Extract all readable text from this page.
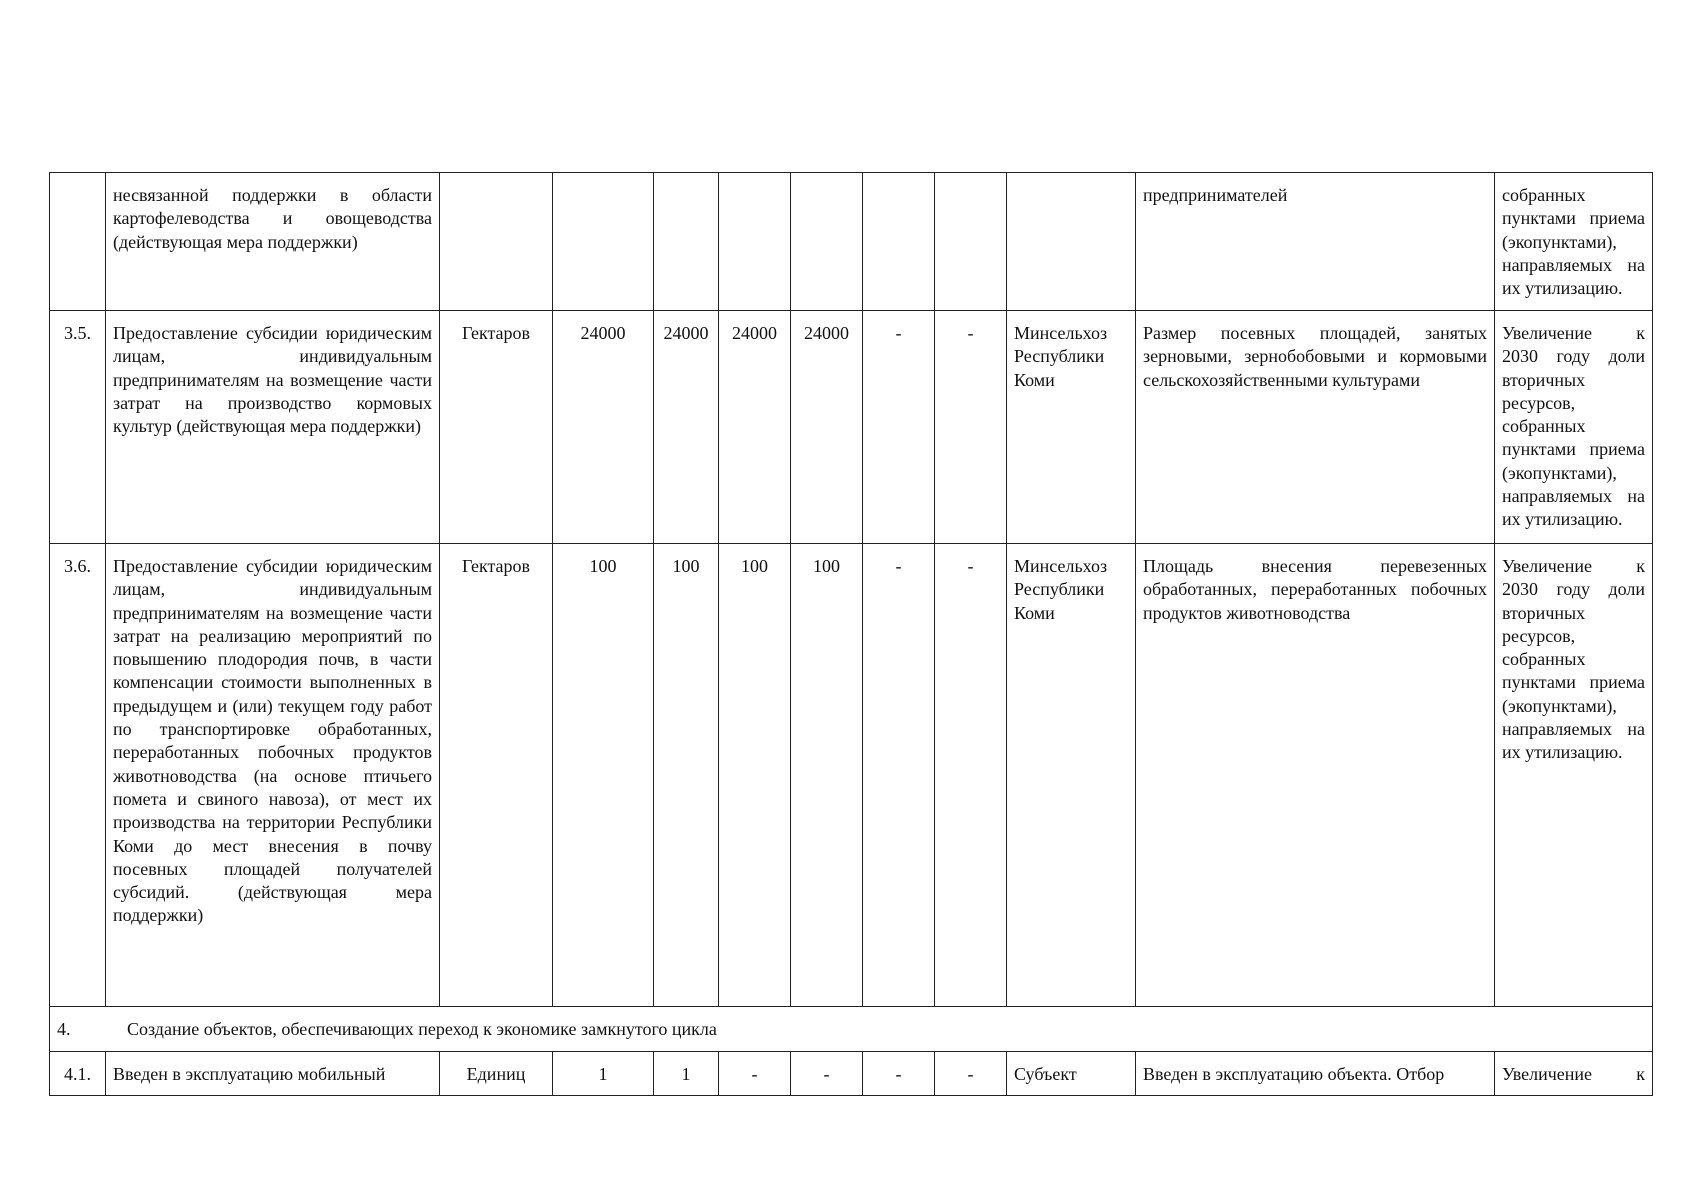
	несвязанной поддержки в области картофелеводства и овощеводства (действующая мера поддержки)									предпринимателей	собранных пунктами приема (экопунктами), направляемых на их утилизацию.
3.5.	Предоставление субсидии юридическим лицам, индивидуальным предпринимателям на возмещение части затрат на производство кормовых культур (действующая мера поддержки)	Гектаров	24000	24000	24000	24000	-	-	Минсельхоз Республики Коми	Размер посевных площадей, занятых зерновыми, зернобобовыми и кормовыми сельскохозяйственными культурами	Увеличение к 2030 году доли вторичных ресурсов, собранных пунктами приема (экопунктами), направляемых на их утилизацию.
3.6.	Предоставление субсидии юридическим лицам, индивидуальным предпринимателям на возмещение части затрат на реализацию мероприятий по повышению плодородия почв, в части компенсации стоимости выполненных в предыдущем и (или) текущем году работ по транспортировке обработанных, переработанных побочных продуктов животноводства (на основе птичьего помета и свиного навоза), от мест их производства на территории Республики Коми до мест внесения в почву посевных площадей получателей субсидий. (действующая мера поддержки)	Гектаров	100	100	100	100	-	-	Минсельхоз Республики Коми	Площадь внесения перевезенных обработанных, переработанных побочных продуктов животноводства	Увеличение к 2030 году доли вторичных ресурсов, собранных пунктами приема (экопунктами), направляемых на их утилизацию.
4. Создание объектов, обеспечивающих переход к экономике замкнутого цикла											
4.1.	Введен в эксплуатацию мобильный	Единиц	1	1	-	-	-	-	Субъект	Введен в эксплуатацию объекта. Отбор	Увеличение к
